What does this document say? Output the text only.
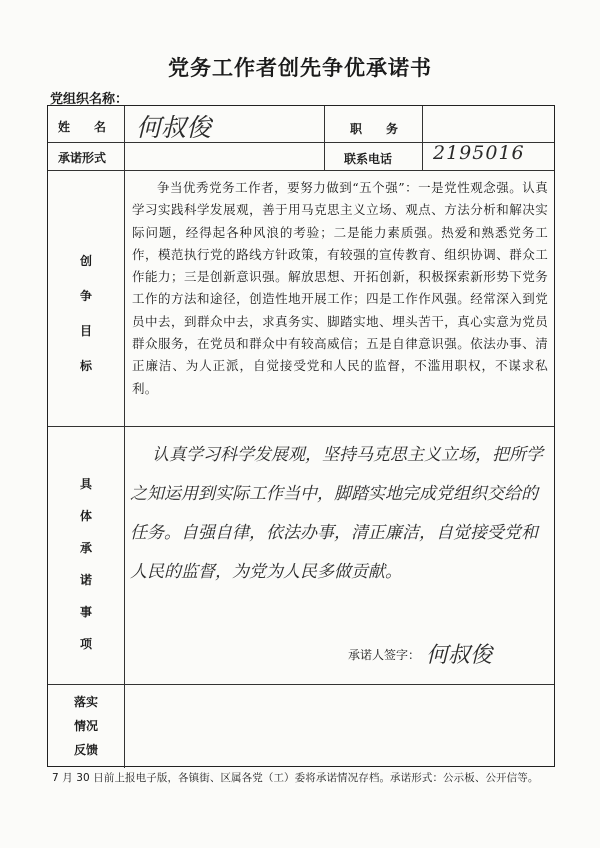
党务工作者创先争优承诺书
党组织名称：
姓　　名 何叔俊	职　　务
承诺形式	联系电话 2195016
创
争
目
标
争当优秀党务工作者，要努力做到“五个强”：一是党性观念强。认真学习实践科学发展观，善于用马克思主义立场、观点、方法分析和解决实际问题，经得起各种风浪的考验；二是能力素质强。热爱和熟悉党务工作，模范执行党的路线方针政策，有较强的宣传教育、组织协调、群众工作能力；三是创新意识强。解放思想、开拓创新，积极探索新形势下党务工作的方法和途径，创造性地开展工作；四是工作作风强。经常深入到党员中去，到群众中去，求真务实、脚踏实地、埋头苦干，真心实意为党员群众服务，在党员和群众中有较高威信；五是自律意识强。依法办事、清正廉洁、为人正派，自觉接受党和人民的监督，不滥用职权，不谋求私利。
具
体
承
诺
事
项
认真学习科学发展观，坚持马克思主义立场，把所学之知运用到实际工作当中，脚踏实地完成党组织交给的任务。自强自律，依法办事，清正廉洁，自觉接受党和人民的监督，为党为人民多做贡献。
承诺人签字： 何叔俊
落实
情况
反馈
7 月 30 日前上报电子版，各镇街、区属各党（工）委将承诺情况存档。承诺形式：公示板、公开信等。
